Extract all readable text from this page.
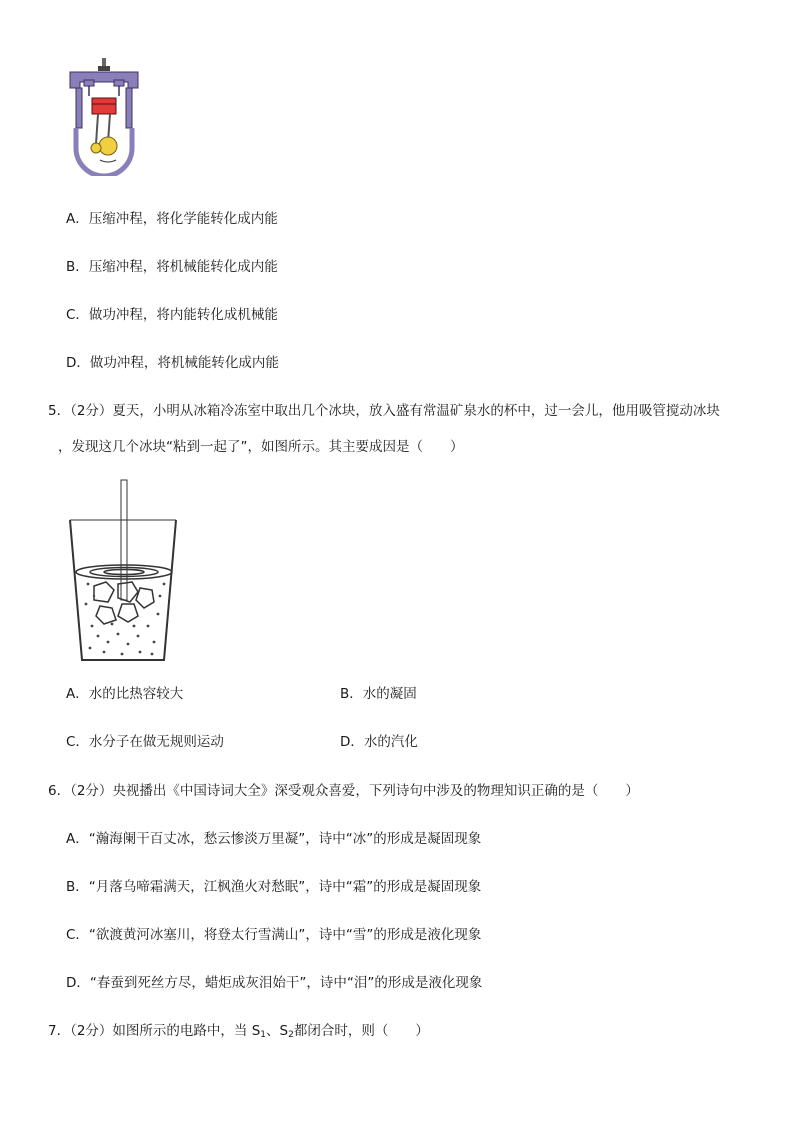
A．压缩冲程，将化学能转化成内能
B．压缩冲程，将机械能转化成内能
C．做功冲程，将内能转化成机械能
D．做功冲程，将机械能转化成内能
5．（2分）夏天，小明从冰箱冷冻室中取出几个冰块，放入盛有常温矿泉水的杯中，过一会儿，他用吸管搅动冰块
，发现这几个冰块“粘到一起了”，如图所示。其主要成因是（　　）
A．水的比热容较大	B．水的凝固
C．水分子在做无规则运动	D．水的汽化
6．（2分）央视播出《中国诗词大全》深受观众喜爱，下列诗句中涉及的物理知识正确的是（　　）
A．“瀚海阑干百丈冰，愁云惨淡万里凝”，诗中“冰”的形成是凝固现象
B．“月落乌啼霜满天，江枫渔火对愁眠”，诗中“霜”的形成是凝固现象
C．“欲渡黄河冰塞川，将登太行雪满山”，诗中“雪”的形成是液化现象
D．“春蚕到死丝方尽，蜡炬成灰泪始干”，诗中“泪”的形成是液化现象
7．（2分）如图所示的电路中，当 $S_1$、$S_2$都闭合时，则（　　）
